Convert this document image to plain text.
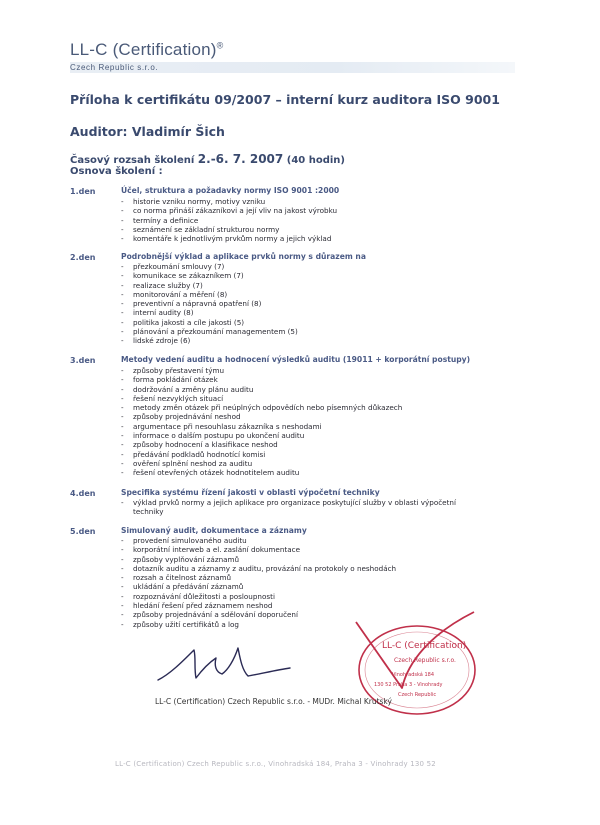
LL-C (Certification)®
Czech Republic s.r.o.
Příloha k certifikátu 09/2007 – interní kurz auditora ISO 9001
Auditor: Vladimír Šich
Časový rozsah školení 2.-6. 7. 2007 (40 hodin)
Osnova školení :
1.den	Účel, struktura a požadavky normy ISO 9001 :2000
- historie vzniku normy, motivy vzniku
- co norma přináší zákazníkovi a její vliv na jakost výrobku
- termíny a definice
- seznámení se základní strukturou normy
- komentáře k jednotlivým prvkům normy a jejich výklad
2.den	Podrobnější výklad a aplikace prvků normy s důrazem na
- přezkoumání smlouvy (7)
- komunikace se zákazníkem (7)
- realizace služby (7)
- monitorování a měření (8)
- preventivní a nápravná opatření (8)
- interní audity (8)
- politika jakosti a cíle jakosti (5)
- plánování a přezkoumání managementem (5)
- lidské zdroje (6)
3.den	Metody vedení auditu a hodnocení výsledků auditu (19011 + korporátní postupy)
- způsoby přestavení týmu
- forma pokládání otázek
- dodržování a změny plánu auditu
- řešení nezvyklých situací
- metody změn otázek při neúplných odpovědích nebo písemných důkazech
- způsoby projednávání neshod
- argumentace při nesouhlasu zákazníka s neshodami
- informace o dalším postupu po ukončení auditu
- způsoby hodnocení a klasifikace neshod
- předávání podkladů hodnotící komisi
- ověření splnění neshod za auditu
- řešení otevřených otázek hodnotitelem auditu
4.den	Specifika systému řízení jakosti v oblasti výpočetní techniky
- výklad prvků normy a jejich aplikace pro organizace poskytující služby v oblasti výpočetní
techniky
5.den	Simulovaný audit, dokumentace a záznamy
- provedení simulovaného auditu
- korporátní interweb a el. zaslání dokumentace
- způsoby vyplňování záznamů
- dotazník auditu a záznamy z auditu, provázání na protokoly o neshodách
- rozsah a čitelnost záznamů
- ukládání a předávání záznamů
- rozpoznávání důležitosti a posloupnosti
- hledání řešení před záznamem neshod
- způsoby projednávání a sdělování doporučení
- způsoby užití certifikátů a log
LL-C (Certification)
Czech Republic s.r.o.
Vinohradská 184
130 52 Praha 3 - Vinohrady
Czech Republic
LL-C (Certification) Czech Republic s.r.o. - MUDr. Michal Krutský
LL-C (Certification) Czech Republic s.r.o., Vinohradská 184, Praha 3 - Vinohrady 130 52
